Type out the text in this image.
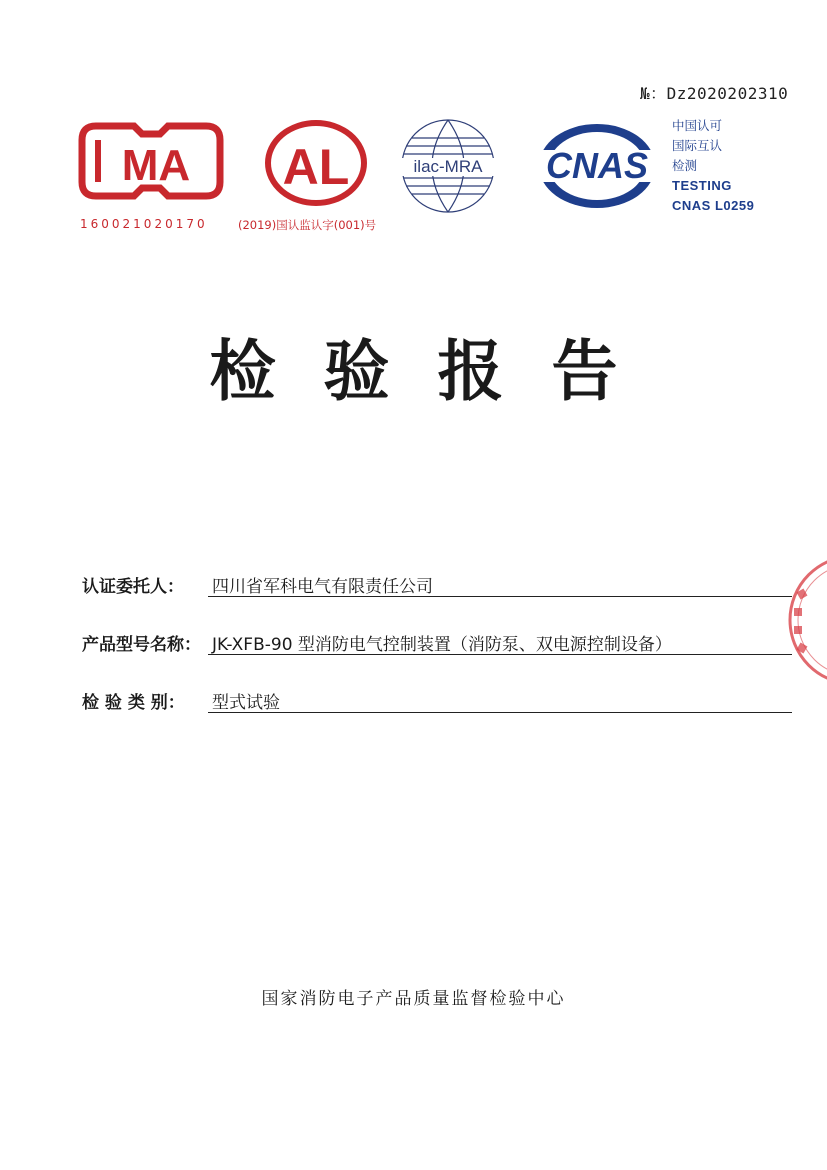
№：Dz2020202310
MA
160021020170
AL
(2019)国认监认字(001)号
ilac-MRA CNAS
中国认可
国际互认
检测
TESTING
CNAS L0259
检验报告
认证委托人： 四川省军科电气有限责任公司
产品型号名称： JK-XFB-90 型消防电气控制装置（消防泵、双电源控制设备）
检 验 类 别： 型式试验
国家消防电子产品质量监督检验中心
